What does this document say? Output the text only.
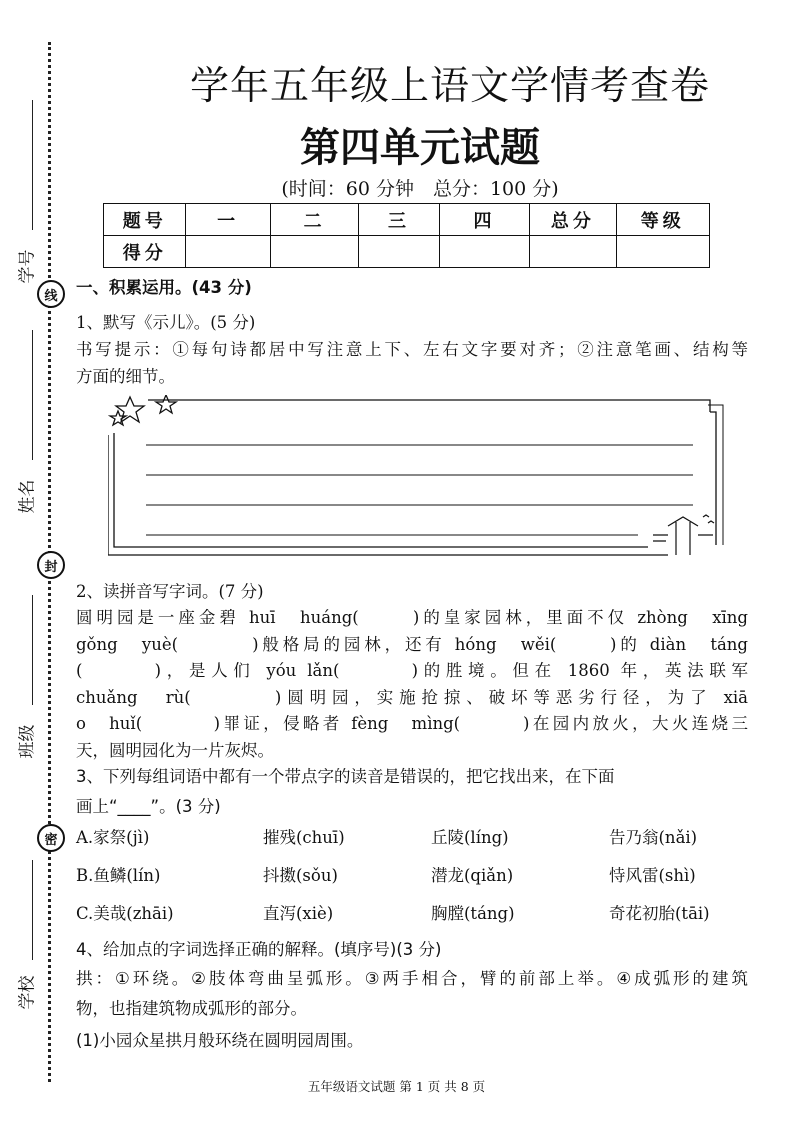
线
封
密
学号
姓名
班级
学校
学年五年级上语文学情考查卷
第四单元试题
(时间：60 分钟　总分：100 分)
题号	一	二	三	四	总分	等级
得分						
一、积累运用。(43 分)
1、默写《示儿》。(5 分)
书写提示：①每句诗都居中写注意上下、左右文字要对齐；②注意笔画、结构等
方面的细节。
2、读拼音写字词。(7 分)
圆明园是一座金碧 huī　huáng(　　 )的皇家园林，里面不仅 zhòng　xīng
gǒng　yuè(　　　 )般格局的园林，还有 hóng　wěi(　　 )的 diàn　táng
(　　　)，是人们 yóu lǎn(　　　)的胜境。但在 1860 年，英法联军
chuǎng　rù(　　　 )圆明园，实施抢掠、破坏等恶劣行径，为了 xiā
o　huǐ(　　　 )罪证，侵略者 fèng　mìng(　　　)在园内放火，大火连烧三
天，圆明园化为一片灰烬。
3、下列每组词语中都有一个带点字的读音是错误的，把它找出来，在下面
画上“____”。(3 分)
A.家祭(jì)	摧残(chuī)	丘陵(líng)	告乃翁(nǎi)
B.鱼鳞(lín)	抖擞(sǒu)	潜龙(qiǎn)	恃风雷(shì)
C.美哉(zhāi)	直泻(xiè)	胸膛(táng)	奇花初胎(tāi)
4、给加点的字词选择正确的解释。(填序号)(3 分)
拱：①环绕。②肢体弯曲呈弧形。③两手相合，臂的前部上举。④成弧形的建筑
物，也指建筑物成弧形的部分。
(1)小园众星拱月般环绕在圆明园周围。
五年级语文试题 第 1 页 共 8 页
